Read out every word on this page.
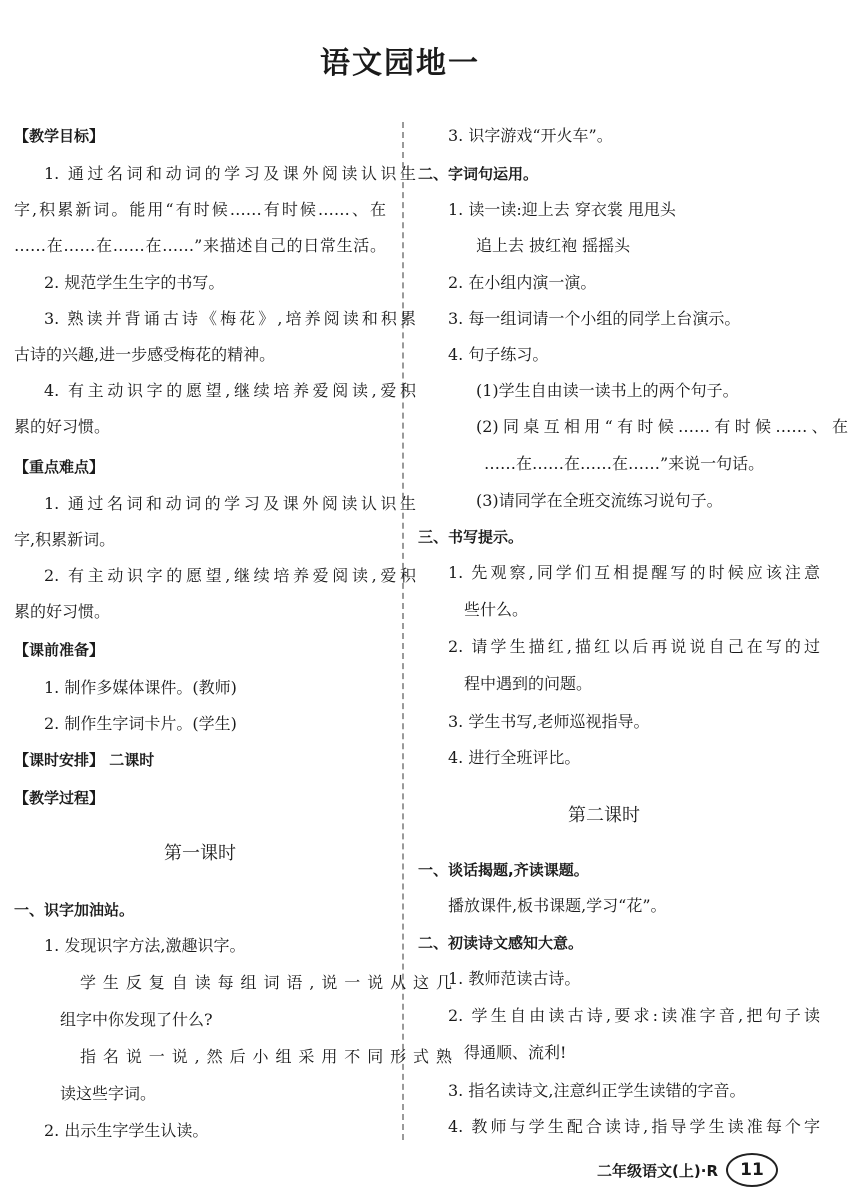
语文园地一
【教学目标】
1. 通过名词和动词的学习及课外阅读认识生
字,积累新词。能用“有时候……有时候……、在
……在……在……在……”来描述自己的日常生活。
2. 规范学生生字的书写。
3. 熟读并背诵古诗《梅花》,培养阅读和积累
古诗的兴趣,进一步感受梅花的精神。
4. 有主动识字的愿望,继续培养爱阅读,爱积
累的好习惯。
【重点难点】
1. 通过名词和动词的学习及课外阅读认识生
字,积累新词。
2. 有主动识字的愿望,继续培养爱阅读,爱积
累的好习惯。
【课前准备】
1. 制作多媒体课件。(教师)
2. 制作生字词卡片。(学生)
【课时安排】 二课时
【教学过程】
第一课时
一、识字加油站。
1. 发现识字方法,激趣识字。
学生反复自读每组词语,说一说从这几
组字中你发现了什么?
指名说一说,然后小组采用不同形式熟
读这些字词。
2. 出示生字学生认读。
3. 识字游戏“开火车”。
二、字词句运用。
1. 读一读:迎上去 穿衣裳 甩甩头
追上去 披红袍 摇摇头
2. 在小组内演一演。
3. 每一组词请一个小组的同学上台演示。
4. 句子练习。
(1)学生自由读一读书上的两个句子。
(2)同桌互相用“有时候……有时候……、在
……在……在……在……”来说一句话。
(3)请同学在全班交流练习说句子。
三、书写提示。
1. 先观察,同学们互相提醒写的时候应该注意
些什么。
2. 请学生描红,描红以后再说说自己在写的过
程中遇到的问题。
3. 学生书写,老师巡视指导。
4. 进行全班评比。
第二课时
一、谈话揭题,齐读课题。
播放课件,板书课题,学习“花”。
二、初读诗文感知大意。
1. 教师范读古诗。
2. 学生自由读古诗,要求:读准字音,把句子读
得通顺、流利!
3. 指名读诗文,注意纠正学生读错的字音。
4. 教师与学生配合读诗,指导学生读准每个字
二年级语文(上)·R	11
